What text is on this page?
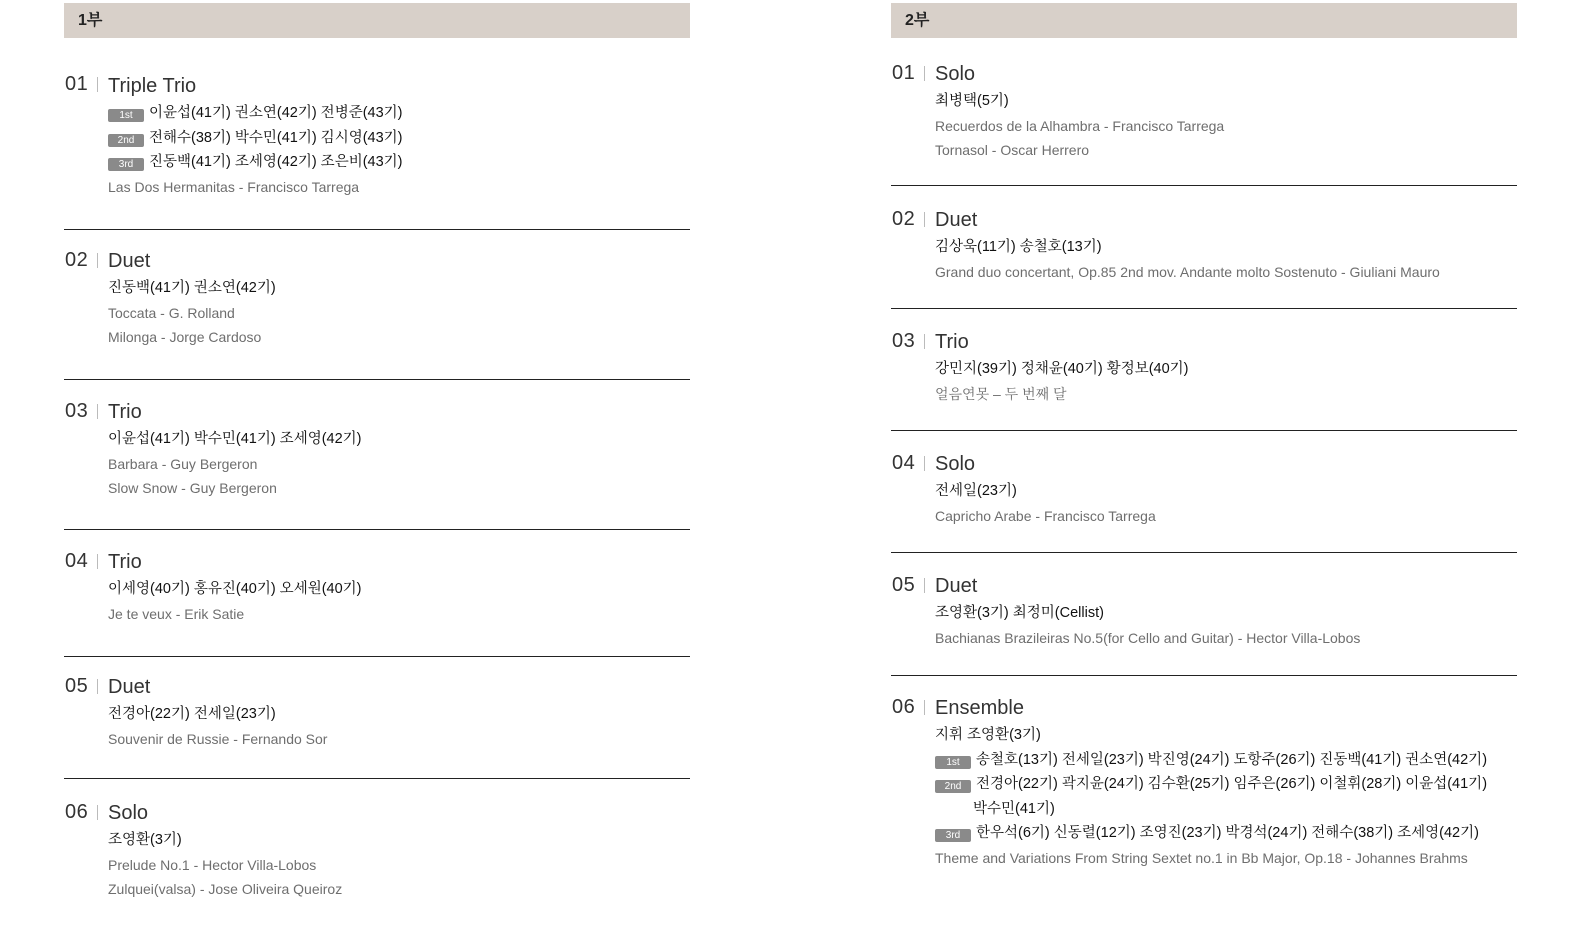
1부
01 Triple Trio
1st 이윤섭(41기) 권소연(42기) 전병준(43기)
2nd 전해수(38기) 박수민(41기) 김시영(43기)
3rd 진동백(41기) 조세영(42기) 조은비(43기)
Las Dos Hermanitas - Francisco Tarrega
02 Duet
진동백(41기) 권소연(42기)
Toccata - G. Rolland
Milonga - Jorge Cardoso
03 Trio
이윤섭(41기) 박수민(41기) 조세영(42기)
Barbara - Guy Bergeron
Slow Snow - Guy Bergeron
04 Trio
이세영(40기) 홍유진(40기) 오세원(40기)
Je te veux - Erik Satie
05 Duet
전경아(22기) 전세일(23기)
Souvenir de Russie - Fernando Sor
06 Solo
조영환(3기)
Prelude No.1 - Hector Villa-Lobos
Zulquei(valsa) - Jose Oliveira Queiroz
2부
01 Solo
최병택(5기)
Recuerdos de la Alhambra - Francisco Tarrega
Tornasol - Oscar Herrero
02 Duet
김상욱(11기) 송철호(13기)
Grand duo concertant, Op.85 2nd mov. Andante molto Sostenuto - Giuliani Mauro
03 Trio
강민지(39기) 정채윤(40기) 황정보(40기)
얼음연못 – 두 번째 달
04 Solo
전세일(23기)
Capricho Arabe - Francisco Tarrega
05 Duet
조영환(3기) 최정미(Cellist)
Bachianas Brazileiras No.5(for Cello and Guitar) - Hector Villa-Lobos
06 Ensemble
지휘 조영환(3기)
1st 송철호(13기) 전세일(23기) 박진영(24기) 도항주(26기) 진동백(41기) 권소연(42기)
2nd 전경아(22기) 곽지윤(24기) 김수환(25기) 임주은(26기) 이철휘(28기) 이윤섭(41기)
박수민(41기)
3rd 한우석(6기) 신동렬(12기) 조영진(23기) 박경석(24기) 전해수(38기) 조세영(42기)
Theme and Variations From String Sextet no.1 in Bb Major, Op.18 - Johannes Brahms
